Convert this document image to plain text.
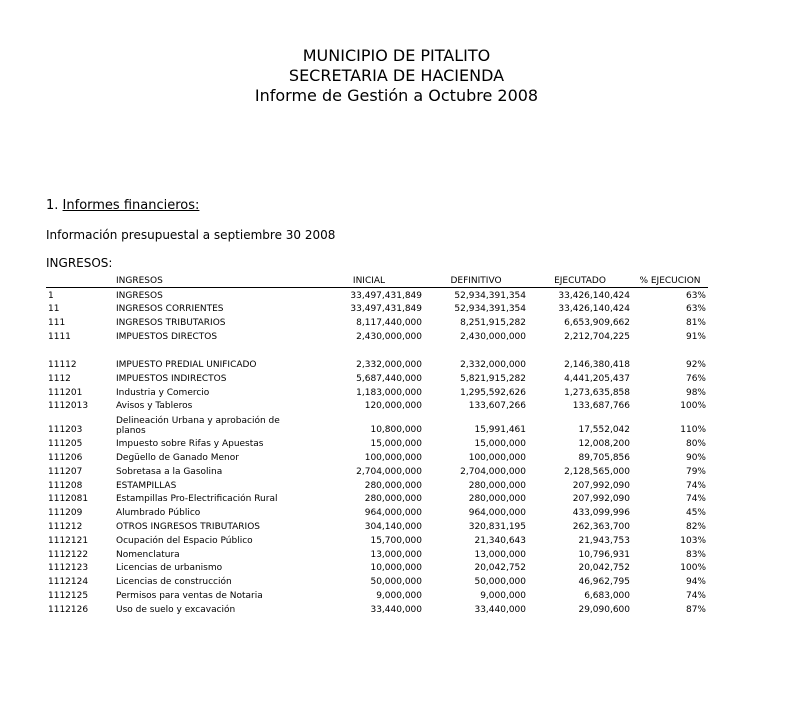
MUNICIPIO DE PITALITO
SECRETARIA DE HACIENDA
Informe de Gestión a Octubre 2008
1. Informes financieros:
Información presupuestal a septiembre 30 2008
INGRESOS:
	INGRESOS	INICIAL	DEFINITIVO	EJECUTADO	% EJECUCION
1	INGRESOS	33,497,431,849	52,934,391,354	33,426,140,424	63%
11	INGRESOS CORRIENTES	33,497,431,849	52,934,391,354	33,426,140,424	63%
111	INGRESOS TRIBUTARIOS	8,117,440,000	8,251,915,282	6,653,909,662	81%
1111	IMPUESTOS DIRECTOS	2,430,000,000	2,430,000,000	2,212,704,225	91%
11112	IMPUESTO PREDIAL UNIFICADO	2,332,000,000	2,332,000,000	2,146,380,418	92%
1112	IMPUESTOS INDIRECTOS	5,687,440,000	5,821,915,282	4,441,205,437	76%
111201	Industria y Comercio	1,183,000,000	1,295,592,626	1,273,635,858	98%
1112013	Avisos y Tableros	120,000,000	133,607,266	133,687,766	100%
111203	Delineación Urbana y aprobación de planos	10,800,000	15,991,461	17,552,042	110%
111205	Impuesto sobre Rifas y Apuestas	15,000,000	15,000,000	12,008,200	80%
111206	Degüello de Ganado Menor	100,000,000	100,000,000	89,705,856	90%
111207	Sobretasa a la Gasolina	2,704,000,000	2,704,000,000	2,128,565,000	79%
111208	ESTAMPILLAS	280,000,000	280,000,000	207,992,090	74%
1112081	Estampillas Pro-Electrificación Rural	280,000,000	280,000,000	207,992,090	74%
111209	Alumbrado Público	964,000,000	964,000,000	433,099,996	45%
111212	OTROS INGRESOS TRIBUTARIOS	304,140,000	320,831,195	262,363,700	82%
1112121	Ocupación del Espacio Público	15,700,000	21,340,643	21,943,753	103%
1112122	Nomenclatura	13,000,000	13,000,000	10,796,931	83%
1112123	Licencias de urbanismo	10,000,000	20,042,752	20,042,752	100%
1112124	Licencias de construcción	50,000,000	50,000,000	46,962,795	94%
1112125	Permisos para ventas de Notaria	9,000,000	9,000,000	6,683,000	74%
1112126	Uso de suelo y excavación	33,440,000	33,440,000	29,090,600	87%
